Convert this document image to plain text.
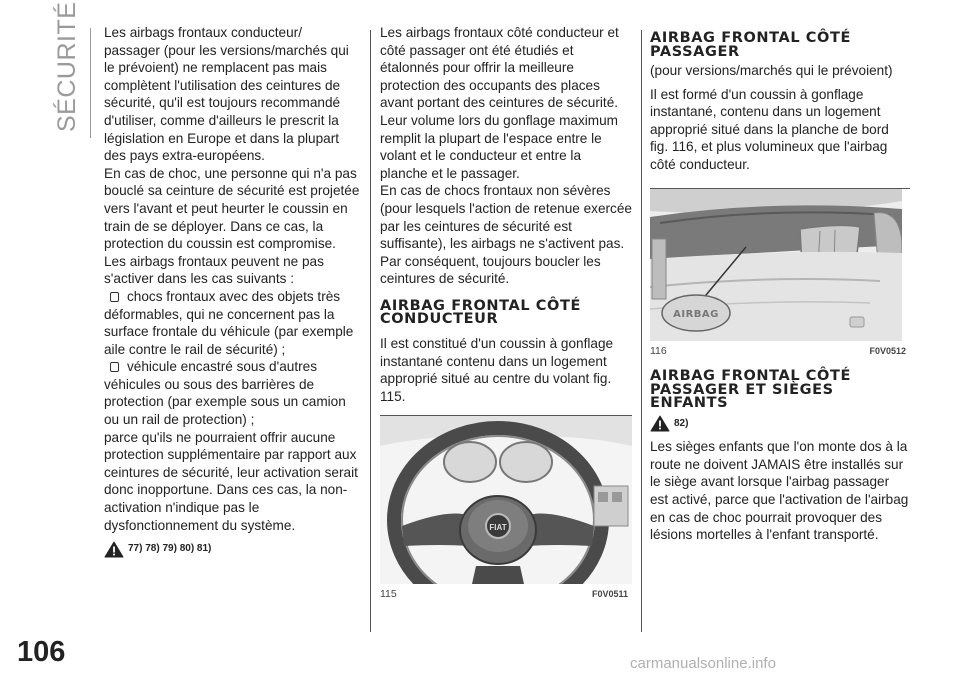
SÉCURITÉ
106	carmanualsonline.info

Les airbags frontaux conducteur/ passager (pour les versions/marchés qui le prévoient) ne remplacent pas mais complètent l'utilisation des ceintures de sécurité, qu'il est toujours recommandé d'utiliser, comme d'ailleurs le prescrit la législation en Europe et dans la plupart des pays extra-européens.

En cas de choc, une personne qui n'a pas bouclé sa ceinture de sécurité est projetée vers l'avant et peut heurter le coussin en train de se déployer. Dans ce cas, la protection du coussin est compromise.

Les airbags frontaux peuvent ne pas s'activer dans les cas suivants :

chocs frontaux avec des objets très déformables, qui ne concernent pas la surface frontale du véhicule (par exemple aile contre le rail de sécurité) ;
véhicule encastré sous d'autres véhicules ou sous des barrières de protection (par exemple sous un camion ou un rail de protection) ;

parce qu'ils ne pourraient offrir aucune protection supplémentaire par rapport aux ceintures de sécurité, leur activation serait donc inopportune. Dans ces cas, la non-activation n'indique pas le dysfonctionnement du système.

77) 78) 79) 80) 81)

Les airbags frontaux côté conducteur et côté passager ont été étudiés et étalonnés pour offrir la meilleure protection des occupants des places avant portant des ceintures de sécurité. Leur volume lors du gonflage maximum remplit la plupart de l'espace entre le volant et le conducteur et entre la planche et le passager.

En cas de chocs frontaux non sévères (pour lesquels l'action de retenue exercée par les ceintures de sécurité est suffisante), les airbags ne s'activent pas. Par conséquent, toujours boucler les ceintures de sécurité.

AIRBAG FRONTAL CÔTÉ CONDUCTEUR

Il est constitué d'un coussin à gonflage instantané contenu dans un logement approprié situé au centre du volant fig. 115.

FIAT
115	F0V0511
AIRBAG FRONTAL CÔTÉ PASSAGER

(pour versions/marchés qui le prévoient)

Il est formé d'un coussin à gonflage instantané, contenu dans un logement approprié situé dans la planche de bord fig. 116, et plus volumineux que l'airbag côté conducteur.

AIRBAG
116	F0V0512
AIRBAG FRONTAL CÔTÉ PASSAGER ET SIÈGES ENFANTS
82)

Les sièges enfants que l'on monte dos à la route ne doivent JAMAIS être installés sur le siège avant lorsque l'airbag passager est activé, parce que l'activation de l'airbag en cas de choc pourrait provoquer des lésions mortelles à l'enfant transporté.
